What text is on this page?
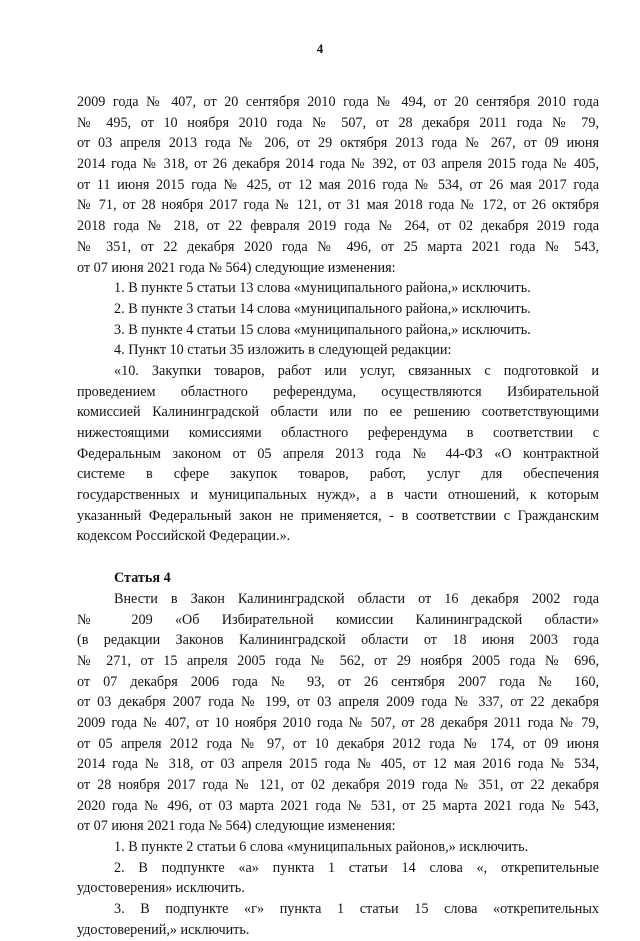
4
2009 года № 407, от 20 сентября 2010 года № 494, от 20 сентября 2010 года
№ 495, от 10 ноября 2010 года № 507, от 28 декабря 2011 года № 79,
от 03 апреля 2013 года № 206, от 29 октября 2013 года № 267, от 09 июня
2014 года № 318, от 26 декабря 2014 года № 392, от 03 апреля 2015 года № 405,
от 11 июня 2015 года № 425, от 12 мая 2016 года № 534, от 26 мая 2017 года
№ 71, от 28 ноября 2017 года № 121, от 31 мая 2018 года № 172, от 26 октября
2018 года № 218, от 22 февраля 2019 года № 264, от 02 декабря 2019 года
№ 351, от 22 декабря 2020 года № 496, от 25 марта 2021 года № 543,
от 07 июня 2021 года № 564) следующие изменения:
1. В пункте 5 статьи 13 слова «муниципального района,» исключить.
2. В пункте 3 статьи 14 слова «муниципального района,» исключить.
3. В пункте 4 статьи 15 слова «муниципального района,» исключить.
4. Пункт 10 статьи 35 изложить в следующей редакции:
«10. Закупки товаров, работ или услуг, связанных с подготовкой и
проведением областного референдума, осуществляются Избирательной
комиссией Калининградской области или по ее решению соответствующими
нижестоящими комиссиями областного референдума в соответствии с
Федеральным законом от 05 апреля 2013 года № 44-ФЗ «О контрактной
системе в сфере закупок товаров, работ, услуг для обеспечения
государственных и муниципальных нужд», а в части отношений, к которым
указанный Федеральный закон не применяется, - в соответствии с Гражданским
кодексом Российской Федерации.».
Статья 4
Внести в Закон Калининградской области от 16 декабря 2002 года
№ 209 «Об Избирательной комиссии Калининградской области»
(в редакции Законов Калининградской области от 18 июня 2003 года
№ 271, от 15 апреля 2005 года № 562, от 29 ноября 2005 года № 696,
от 07 декабря 2006 года № 93, от 26 сентября 2007 года № 160,
от 03 декабря 2007 года № 199, от 03 апреля 2009 года № 337, от 22 декабря
2009 года № 407, от 10 ноября 2010 года № 507, от 28 декабря 2011 года № 79,
от 05 апреля 2012 года № 97, от 10 декабря 2012 года № 174, от 09 июня
2014 года № 318, от 03 апреля 2015 года № 405, от 12 мая 2016 года № 534,
от 28 ноября 2017 года № 121, от 02 декабря 2019 года № 351, от 22 декабря
2020 года № 496, от 03 марта 2021 года № 531, от 25 марта 2021 года № 543,
от 07 июня 2021 года № 564) следующие изменения:
1. В пункте 2 статьи 6 слова «муниципальных районов,» исключить.
2. В подпункте «а» пункта 1 статьи 14 слова «, открепительные
удостоверения» исключить.
3. В подпункте «г» пункта 1 статьи 15 слова «открепительных
удостоверений,» исключить.
